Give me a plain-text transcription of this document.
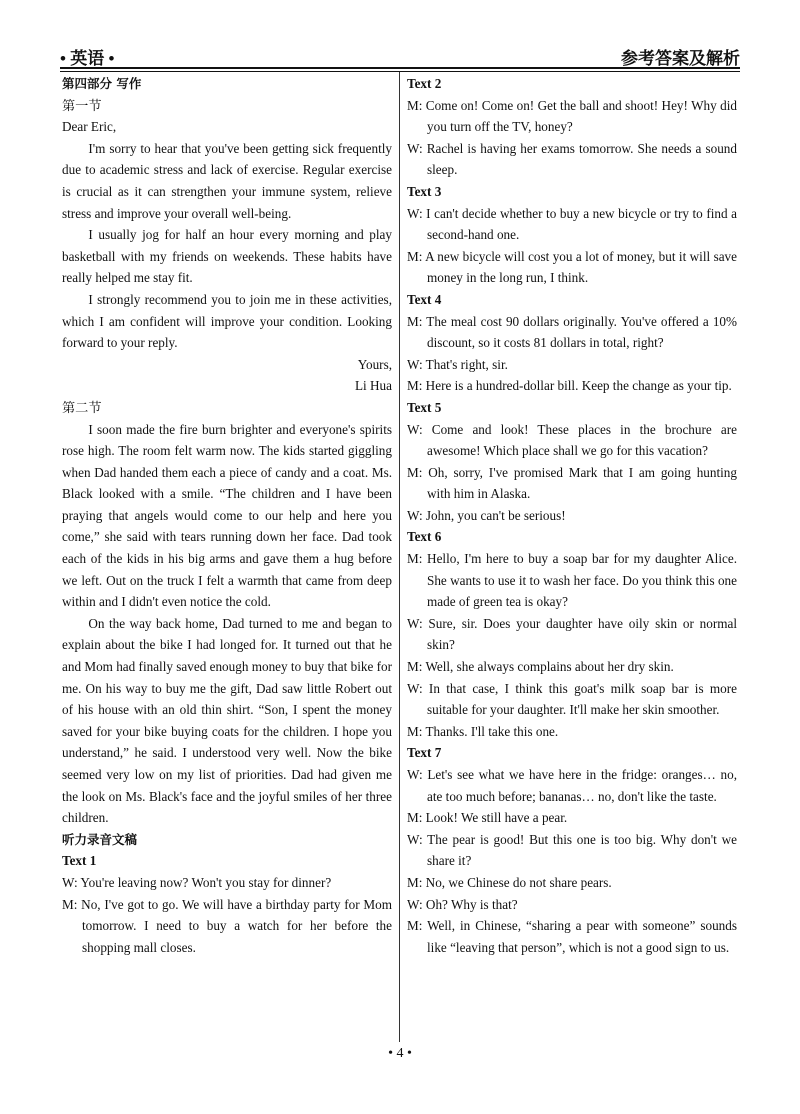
• 英语 •	参考答案及解析

第四部分 写作

第一节

Dear Eric,

I'm sorry to hear that you've been getting sick frequently due to academic stress and lack of exercise. Regular exercise is crucial as it can strengthen your immune system, relieve stress and improve your overall well-being.

I usually jog for half an hour every morning and play basketball with my friends on weekends. These habits have really helped me stay fit.

I strongly recommend you to join me in these activities, which I am confident will improve your condition. Looking forward to your reply.

Yours,

Li Hua

第二节

I soon made the fire burn brighter and everyone's spirits rose high. The room felt warm now. The kids started giggling when Dad handed them each a piece of candy and a coat. Ms. Black looked with a smile. “The children and I have been praying that angels would come to our help and here you come,” she said with tears running down her face. Dad took each of the kids in his big arms and gave them a hug before we left. Out on the truck I felt a warmth that came from deep within and I didn't even notice the cold.

On the way back home, Dad turned to me and began to explain about the bike I had longed for. It turned out that he and Mom had finally saved enough money to buy that bike for me. On his way to buy me the gift, Dad saw little Robert out of his house with an old thin shirt. “Son, I spent the money saved for your bike buying coats for the children. I hope you understand,” he said. I understood very well. Now the bike seemed very low on my list of priorities. Dad had given me the look on Ms. Black's face and the joyful smiles of her three children.

听力录音文稿

Text 1

W: You're leaving now? Won't you stay for dinner?

M: No, I've got to go. We will have a birthday party for Mom tomorrow. I need to buy a watch for her before the shopping mall closes.

Text 2

M: Come on! Come on! Get the ball and shoot! Hey! Why did you turn off the TV, honey?

W: Rachel is having her exams tomorrow. She needs a sound sleep.

Text 3

W: I can't decide whether to buy a new bicycle or try to find a second-hand one.

M: A new bicycle will cost you a lot of money, but it will save money in the long run, I think.

Text 4

M: The meal cost 90 dollars originally. You've offered a 10% discount, so it costs 81 dollars in total, right?

W: That's right, sir.

M: Here is a hundred-dollar bill. Keep the change as your tip.

Text 5

W: Come and look! These places in the brochure are awesome! Which place shall we go for this vacation?

M: Oh, sorry, I've promised Mark that I am going hunting with him in Alaska.

W: John, you can't be serious!

Text 6

M: Hello, I'm here to buy a soap bar for my daughter Alice. She wants to use it to wash her face. Do you think this one made of green tea is okay?

W: Sure, sir. Does your daughter have oily skin or normal skin?

M: Well, she always complains about her dry skin.

W: In that case, I think this goat's milk soap bar is more suitable for your daughter. It'll make her skin smoother.

M: Thanks. I'll take this one.

Text 7

W: Let's see what we have here in the fridge: oranges… no, ate too much before; bananas… no, don't like the taste.

M: Look! We still have a pear.

W: The pear is good! But this one is too big. Why don't we share it?

M: No, we Chinese do not share pears.

W: Oh? Why is that?

M: Well, in Chinese, “sharing a pear with someone” sounds like “leaving that person”, which is not a good sign to us.

• 4 •
